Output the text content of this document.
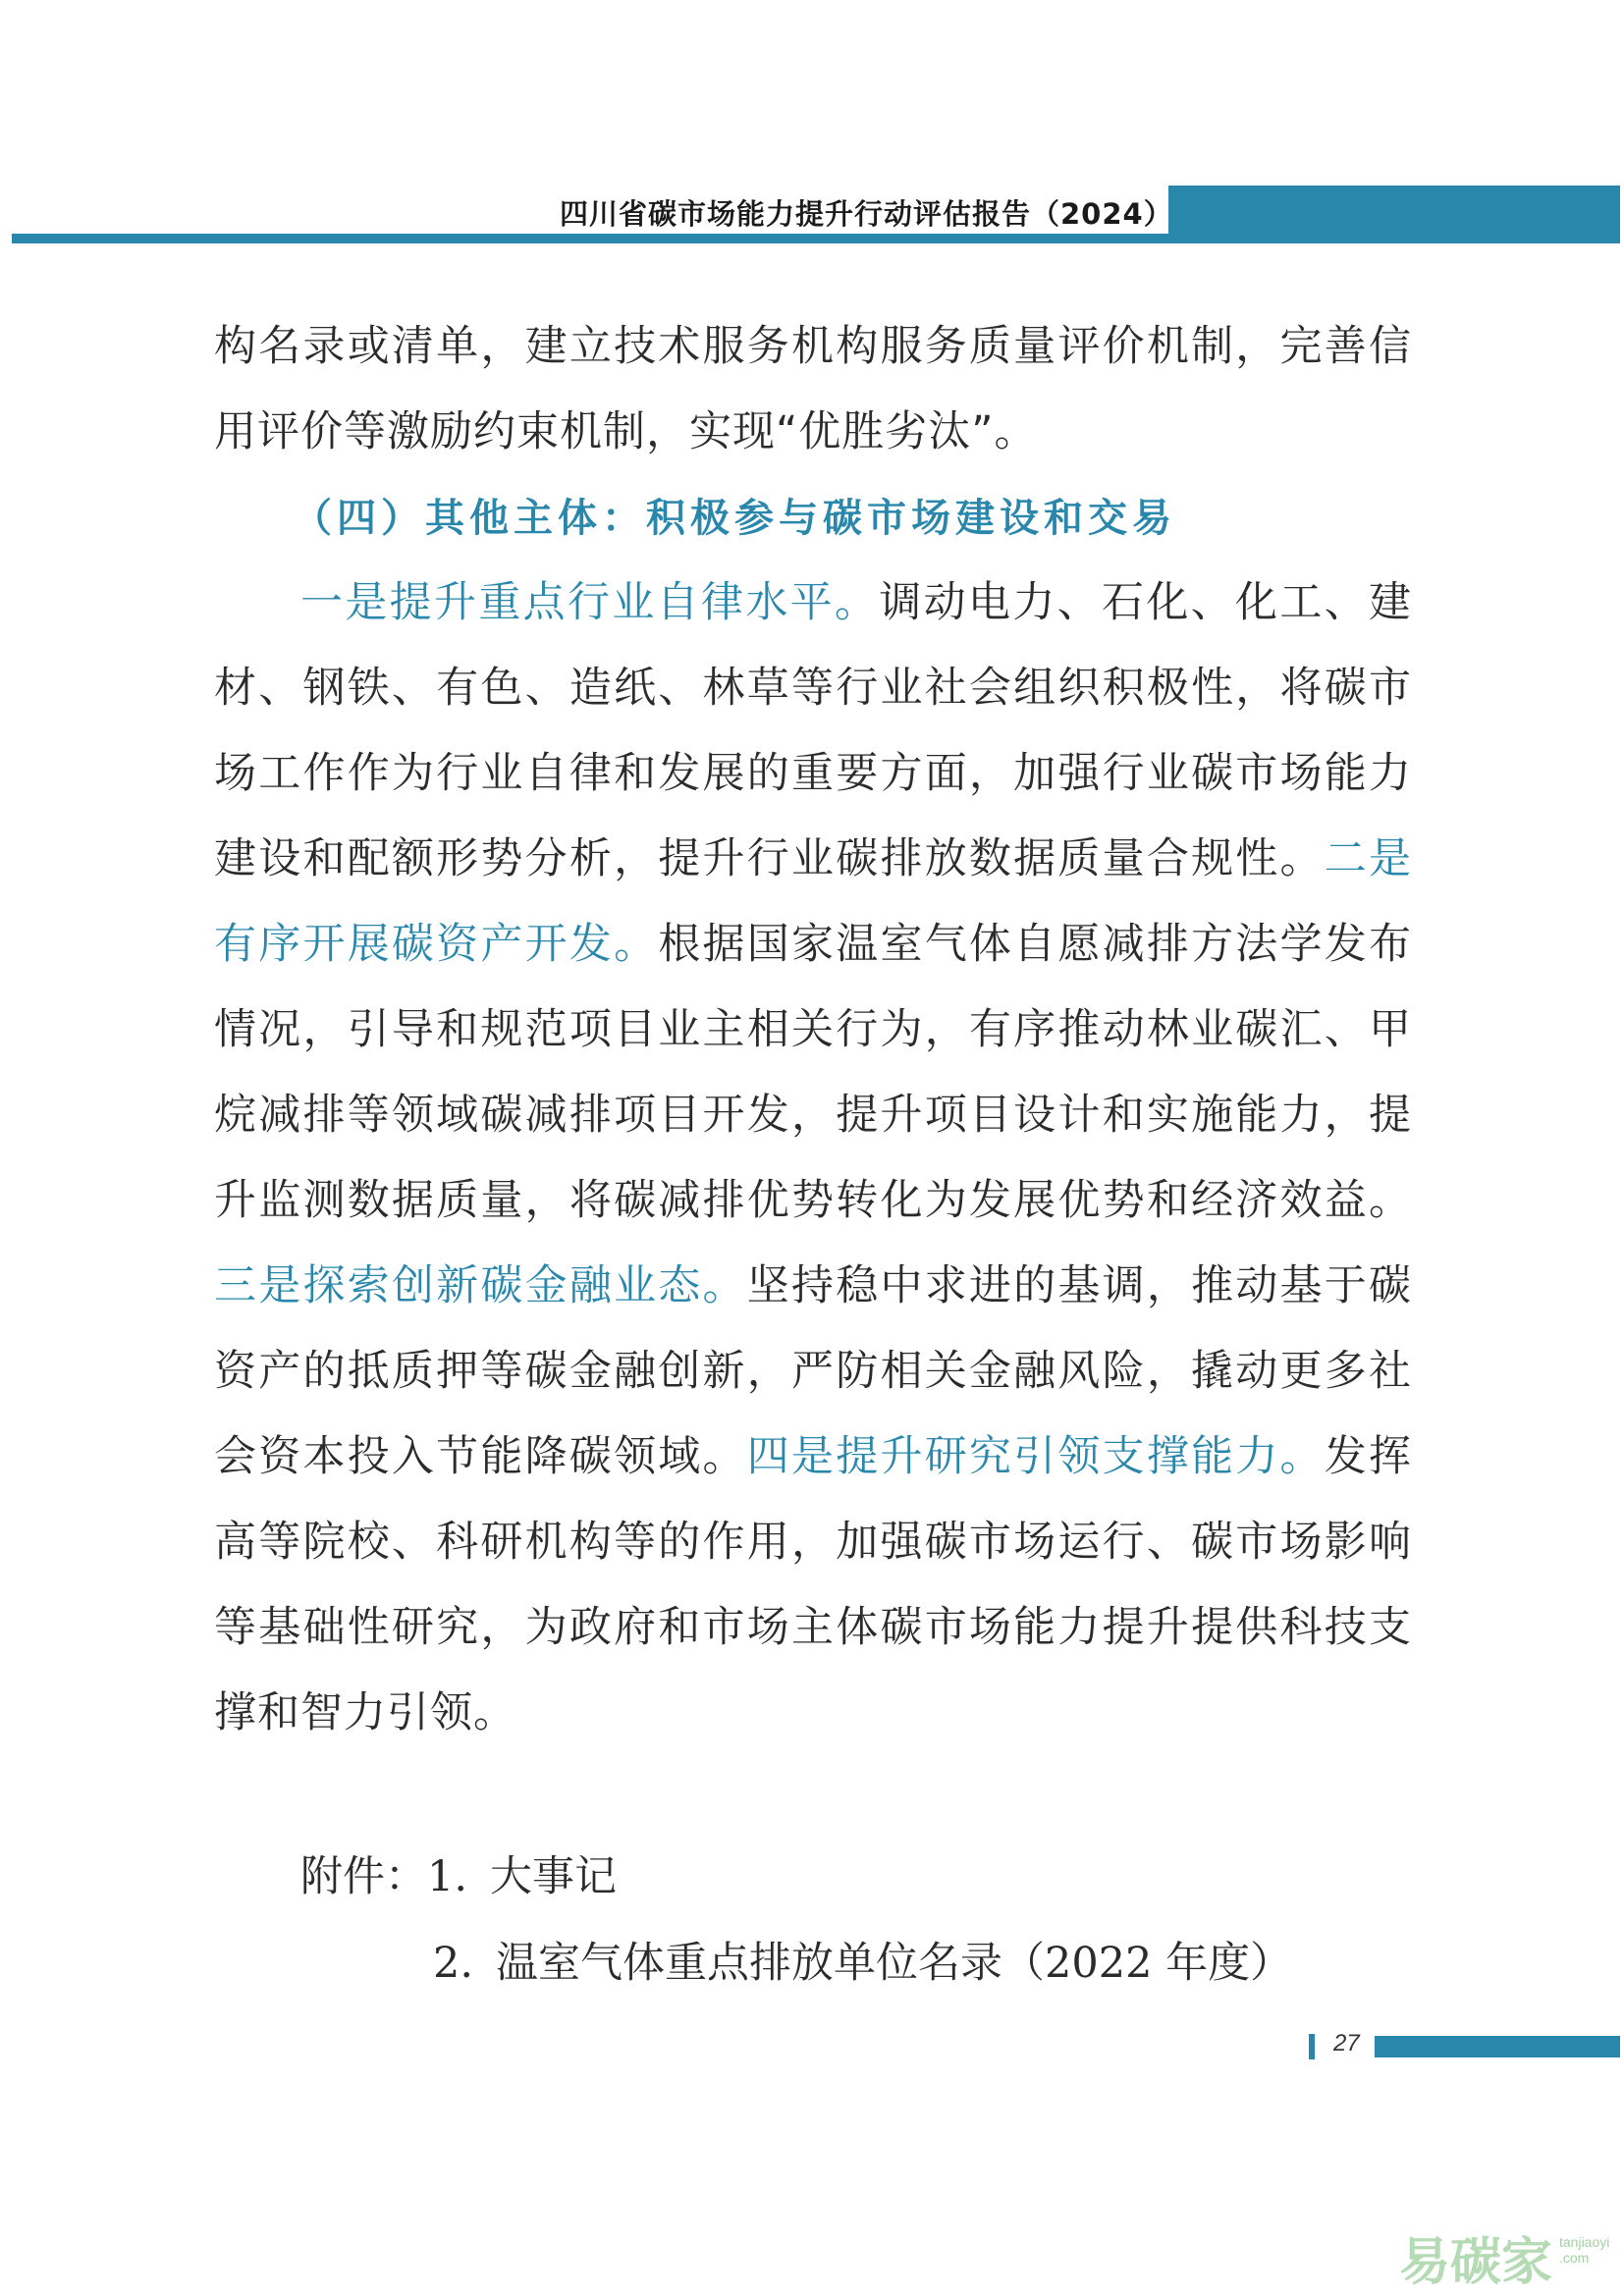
四川省碳市场能力提升行动评估报告（2024）

构名录或清单，建立技术服务机构服务质量评价机制，完善信用评价等激励约束机制，实现“优胜劣汰”。

（四）其他主体：积极参与碳市场建设和交易

一是提升重点行业自律水平。调动电力、石化、化工、建材、钢铁、有色、造纸、林草等行业社会组织积极性，将碳市场工作作为行业自律和发展的重要方面，加强行业碳市场能力建设和配额形势分析，提升行业碳排放数据质量合规性。二是有序开展碳资产开发。根据国家温室气体自愿减排方法学发布情况，引导和规范项目业主相关行为，有序推动林业碳汇、甲烷减排等领域碳减排项目开发，提升项目设计和实施能力，提升监测数据质量，将碳减排优势转化为发展优势和经济效益。三是探索创新碳金融业态。坚持稳中求进的基调，推动基于碳资产的抵质押等碳金融创新，严防相关金融风险，撬动更多社会资本投入节能降碳领域。四是提升研究引领支撑能力。发挥高等院校、科研机构等的作用，加强碳市场运行、碳市场影响等基础性研究，为政府和市场主体碳市场能力提升提供科技支撑和智力引领。

附件：1. 大事记
2. 温室气体重点排放单位名录（2022 年度）
27
易碳家 tanjiaoyi
.com
